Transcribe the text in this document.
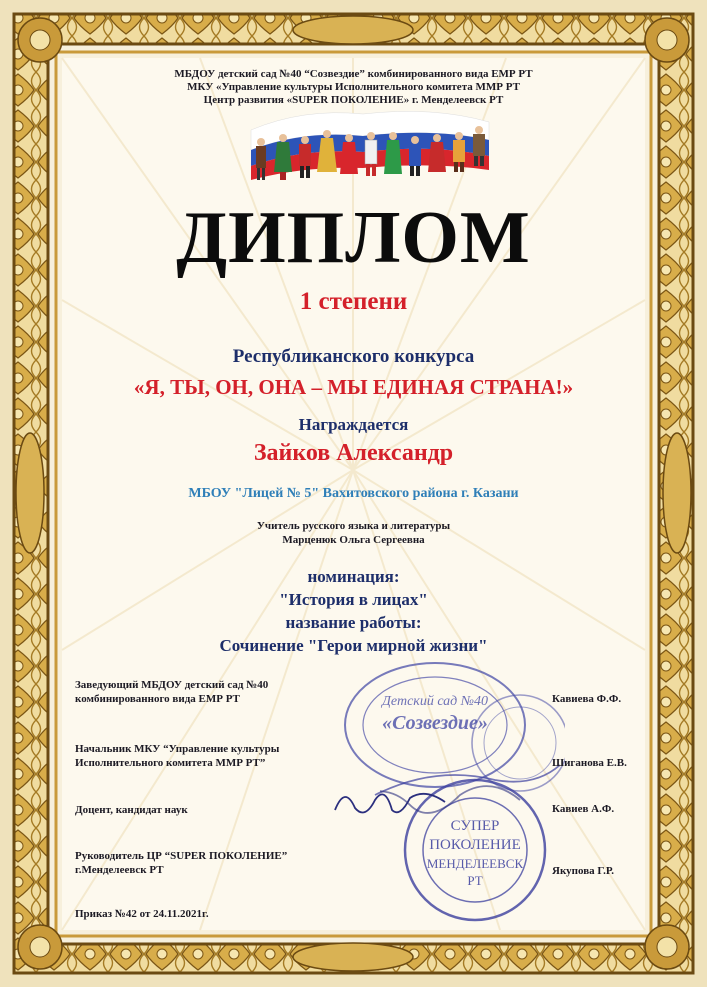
МБДОУ детский сад №40 “Созвездие” комбинированного вида ЕМР РТ
МКУ «Управление культуры Исполнительного комитета ММР РТ
Центр развития «SUPER ПОКОЛЕНИЕ» г. Менделеевск РТ
ДИПЛОМ
1 степени
Республиканского конкурса
«Я, ТЫ, ОН, ОНА – МЫ ЕДИНАЯ СТРАНА!»
Награждается
Зайков Александр
МБОУ "Лицей № 5" Вахитовского района г. Казани
Учитель русского языка и литературы
Марценюк Ольга Сергеевна
номинация:
"История в лицах"
название работы:
Сочинение "Герои мирной жизни"
Детский сад №40
«Созвездие»
СУПЕР
ПОКОЛЕНИЕ
МЕНДЕЛЕЕВСК
РТ
Заведующий МБДОУ детский сад №40
комбинированного вида ЕМР РТ	Кавиева Ф.Ф.
Начальник МКУ “Управление культуры
Исполнительного комитета ММР РТ”	Шиганова Е.В.
Доцент, кандидат наук	Кавиев А.Ф.
Руководитель ЦР “SUPER ПОКОЛЕНИЕ”
г.Менделеевск РТ	Якупова Г.Р.
Приказ №42 от 24.11.2021г.
